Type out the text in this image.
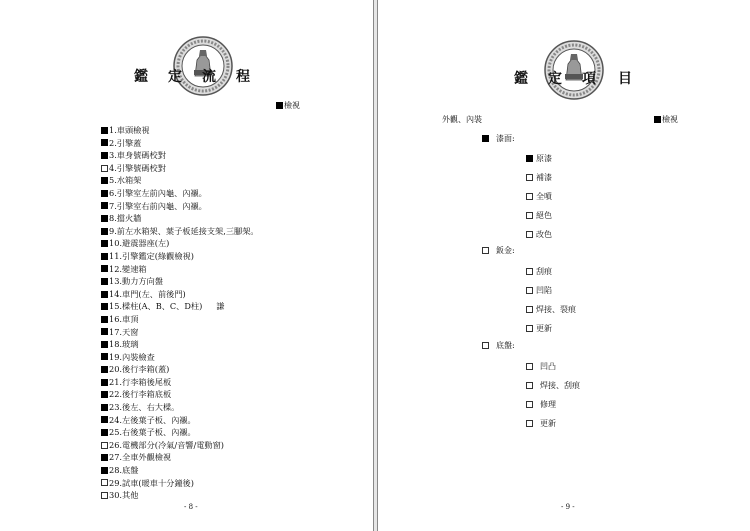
鑑 定 流 程
檢視
1.車頭檢視
2.引擎蓋
3.車身號碼校對
4.引擎號碼校對
5.水箱架
6.引擎室左前內龜、內襯。
7.引擎室右前內龜、內襯。
8.擋火牆
9.前左水箱架、葉子板延接支架,三腳架。
10.避震器座(左)
11.引擎鑑定(綠觀檢視)
12.變速箱
13.動力方向盤
14.車門(左、前後門)
15.樑柱(A、B、C、D柱) 謙
16.車頂
17.天窗
18.玻璃
19.內裝檢查
20.後行李箱(蓋)
21.行李箱後尾板
22.後行李箱底板
23.後左、右大樑。
24.左後葉子板、內襯。
25.右後葉子板、內襯。
26.電機部分(冷氣/音響/電動窗)
27.全車外觀檢視
28.底盤
29.試車(暖車十分鐘後)
30.其他
- 8 -
鑑 定 項 目
外觀、內裝	檢視
漆面:
原漆
補漆
全噴
絕色
改色
鈑金:
刮痕
凹陷
焊接、裂痕
更新
底盤:
凹凸
焊接、刮痕
修理
更新
- 9 -
